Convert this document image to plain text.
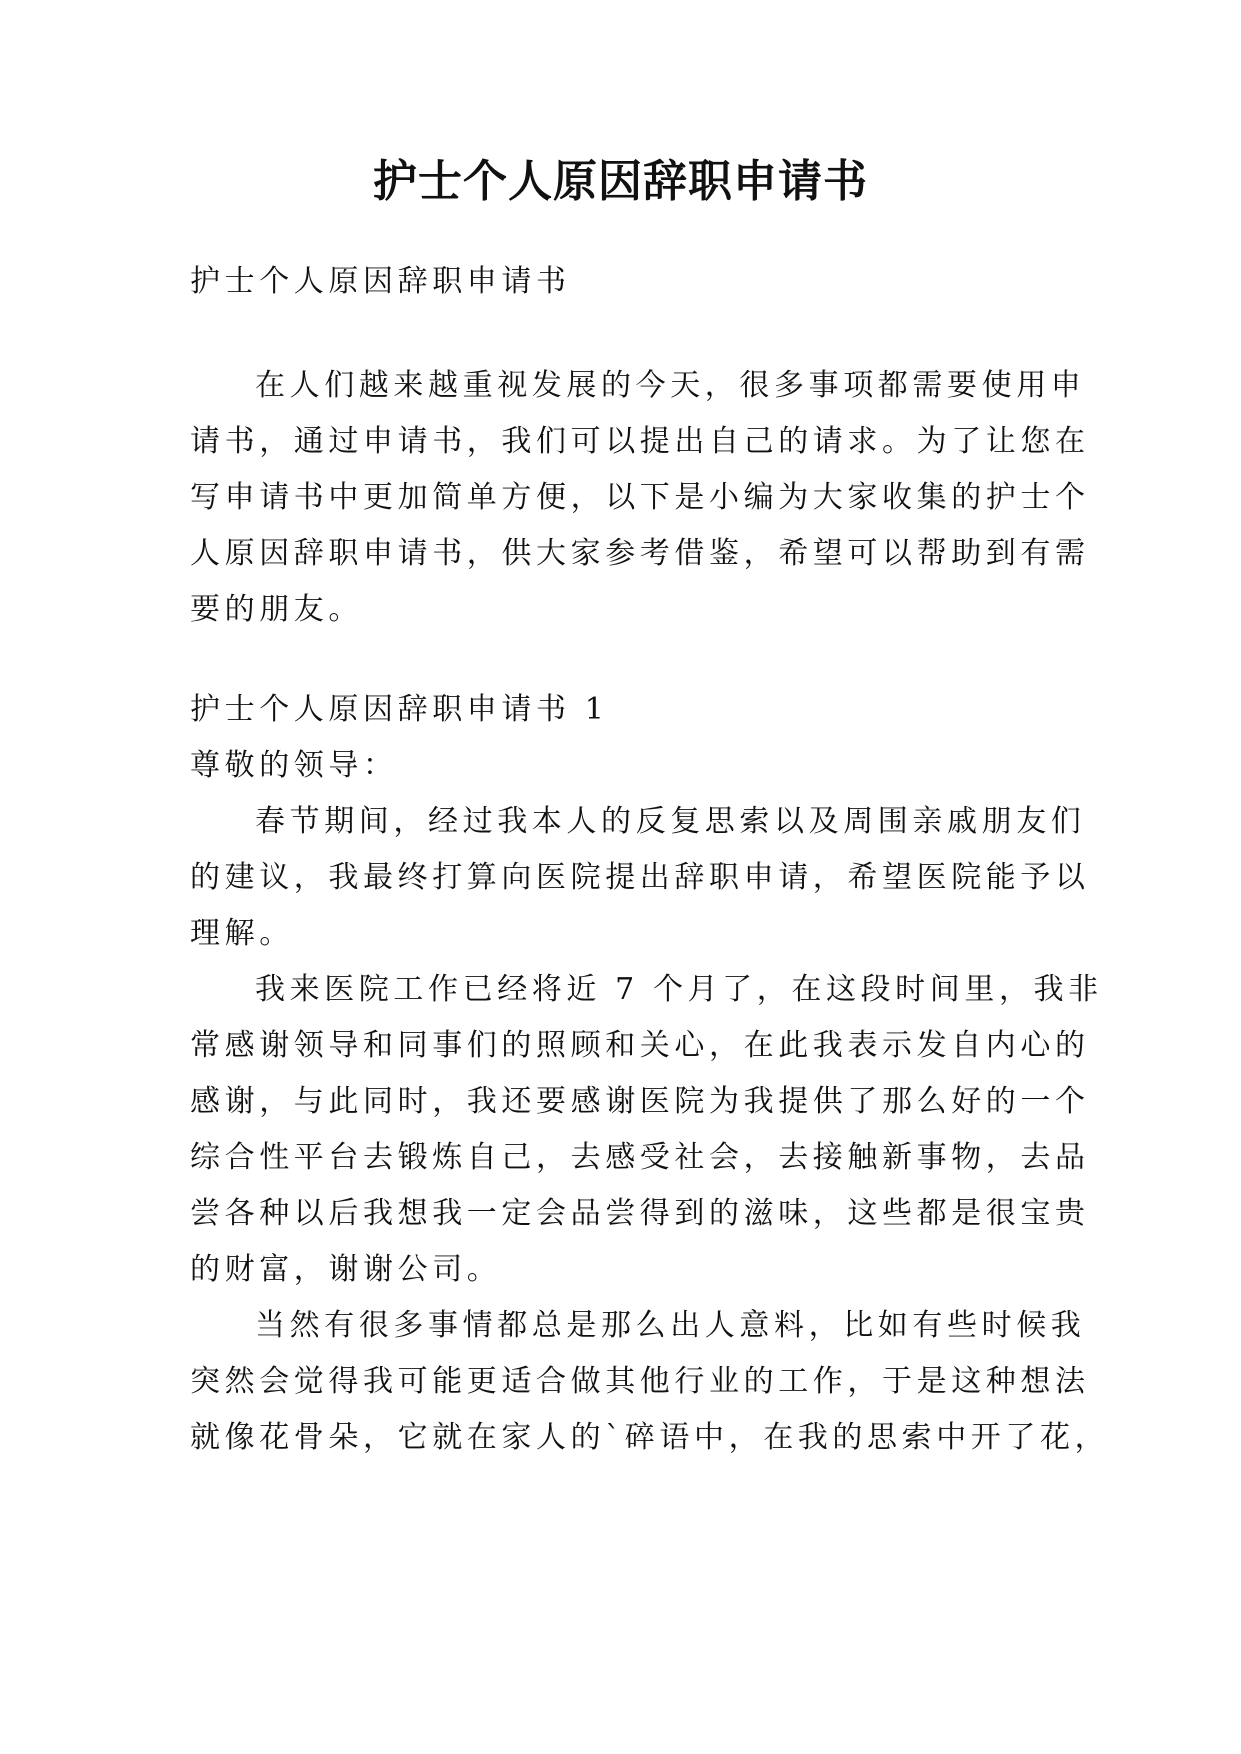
护士个人原因辞职申请书
护士个人原因辞职申请书
在人们越来越重视发展的今天，很多事项都需要使用申
请书，通过申请书，我们可以提出自己的请求。为了让您在
写申请书中更加简单方便，以下是小编为大家收集的护士个
人原因辞职申请书，供大家参考借鉴，希望可以帮助到有需
要的朋友。
护士个人原因辞职申请书 1
尊敬的领导：
春节期间，经过我本人的反复思索以及周围亲戚朋友们
的建议，我最终打算向医院提出辞职申请，希望医院能予以
理解。
我来医院工作已经将近 7 个月了，在这段时间里，我非
常感谢领导和同事们的照顾和关心，在此我表示发自内心的
感谢，与此同时，我还要感谢医院为我提供了那么好的一个
综合性平台去锻炼自己，去感受社会，去接触新事物，去品
尝各种以后我想我一定会品尝得到的滋味，这些都是很宝贵
的财富，谢谢公司。
当然有很多事情都总是那么出人意料，比如有些时候我
突然会觉得我可能更适合做其他行业的工作，于是这种想法
就像花骨朵，它就在家人的`碎语中，在我的思索中开了花，
